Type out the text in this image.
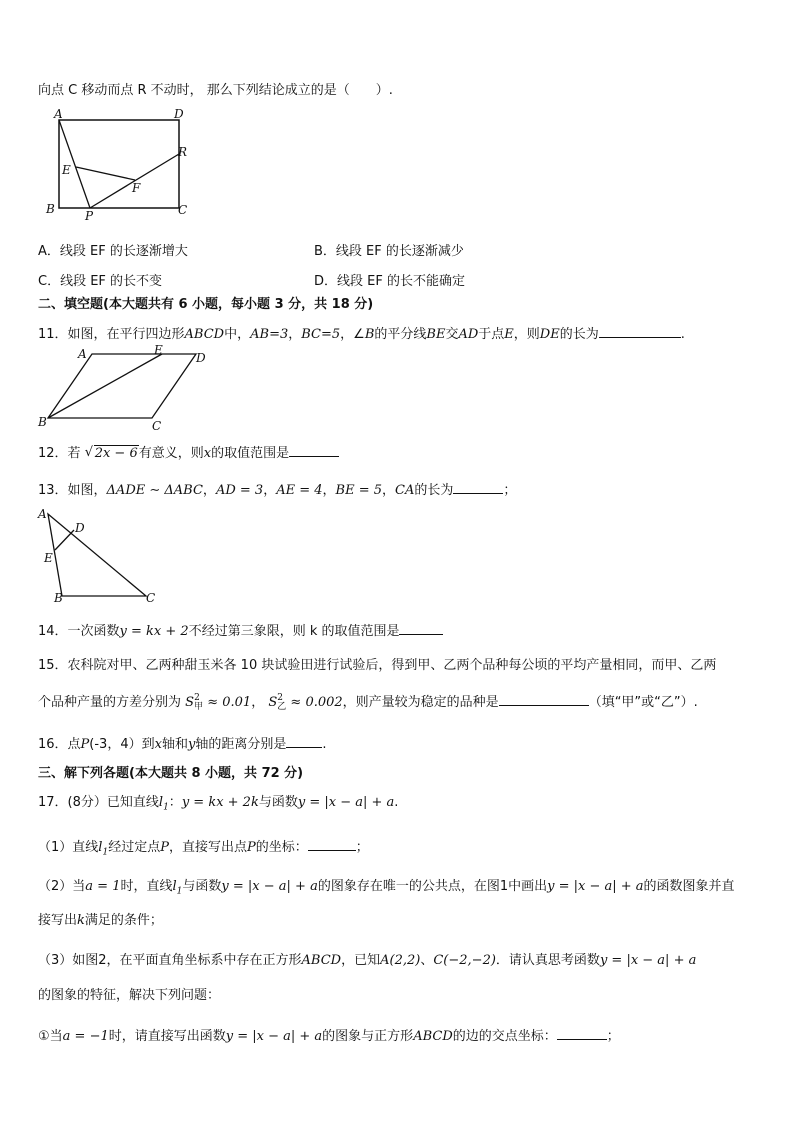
向点 C 移动而点 R 不动时， 那么下列结论成立的是（　　）.
A	D
R
E
F
B	P	C
A．线段 EF 的长逐渐增大	B．线段 EF 的长逐渐减少
C．线段 EF 的长不变	D．线段 EF 的长不能确定
二、填空题(本大题共有 6 小题，每小题 3 分，共 18 分)
11．如图，在平行四边形ABCD中，AB=3，BC=5，∠B的平分线BE交AD于点E，则DE的长为	.
A	E
D
B	C
12．若 √ 2x − 6有意义，则x的取值范围是
13．如图，ΔADE ∼ ΔABC，AD = 3，AE = 4，BE = 5，CA的长为	；
A
D
E
B	C
14．一次函数y = kx + 2不经过第三象限，则 k 的取值范围是
15．农科院对甲、乙两种甜玉米各 10 块试验田进行试验后，得到甲、乙两个品种每公顷的平均产量相同，而甲、乙两
个品种产量的方差分别为 S2
甲 ≈ 0.01， S2
乙 ≈ 0.002，则产量较为稳定的品种是	（填“甲”或“乙”）.
16．点P(-3，4）到x轴和y轴的距离分别是	.
三、解下列各题(本大题共 8 小题，共 72 分)
17．(8分）已知直线$l_1$：y = kx + 2k与函数y = |x − a| + a.
（1）直线$l_1$经过定点P，直接写出点P的坐标：	；
（2）当a = 1时，直线$l_1$与函数y = |x − a| + a的图象存在唯一的公共点，在图1中画出y = |x − a| + a的函数图象并直
接写出k满足的条件；
（3）如图2，在平面直角坐标系中存在正方形ABCD，已知A(2,2)、C(−2,−2)．请认真思考函数y = |x − a| + a
的图象的特征，解决下列问题：
①当a = −1时，请直接写出函数y = |x − a| + a的图象与正方形ABCD的边的交点坐标：	；
